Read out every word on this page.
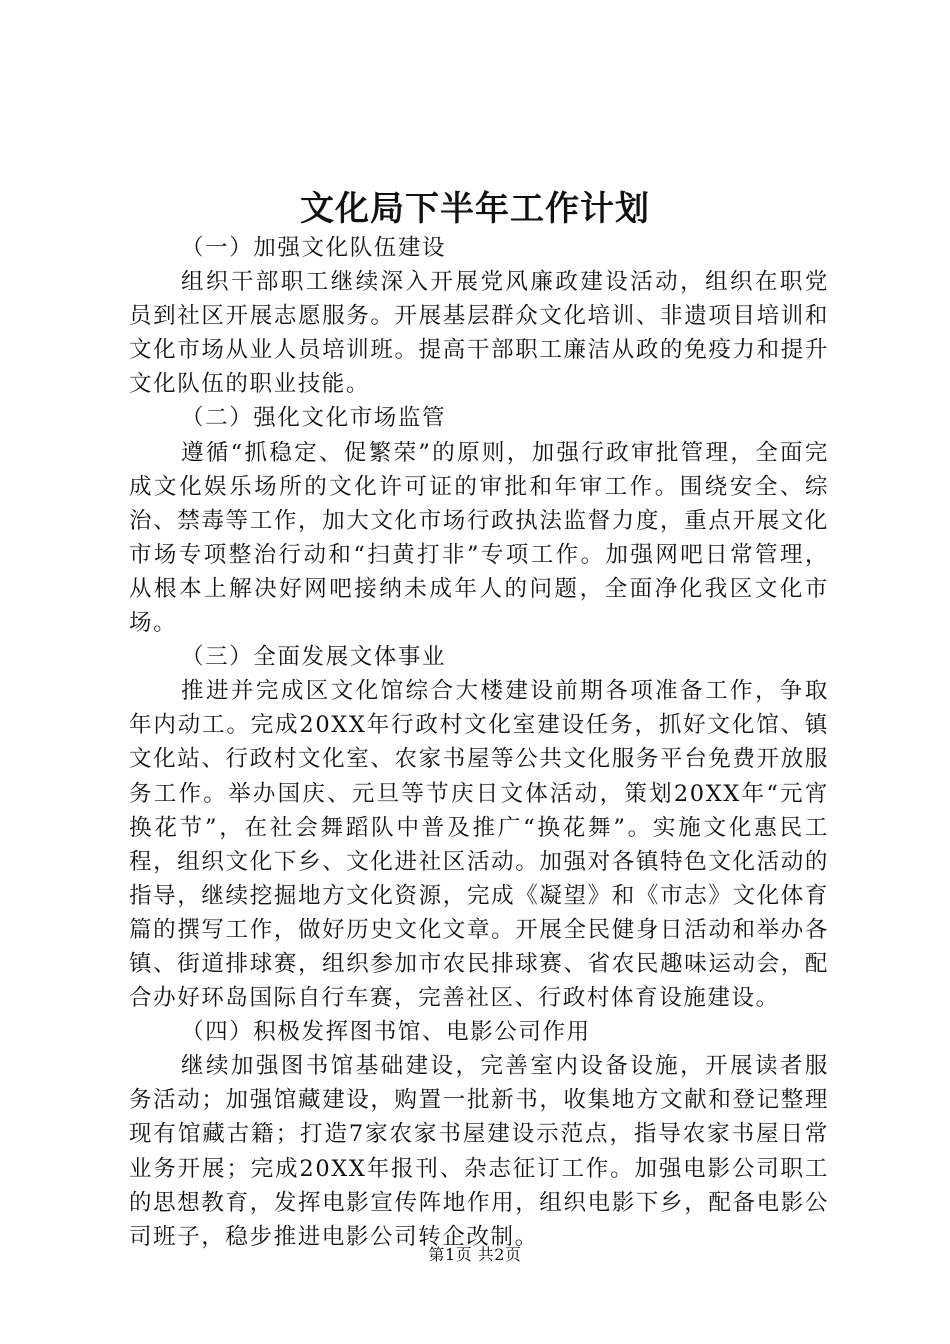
文化局下半年工作计划

（一）加强文化队伍建设

组织干部职工继续深入开展党风廉政建设活动，组织在职党员到社区开展志愿服务。开展基层群众文化培训、非遗项目培训和文化市场从业人员培训班。提高干部职工廉洁从政的免疫力和提升文化队伍的职业技能。

（二）强化文化市场监管

遵循“抓稳定、促繁荣”的原则，加强行政审批管理，全面完成文化娱乐场所的文化许可证的审批和年审工作。围绕安全、综治、禁毒等工作，加大文化市场行政执法监督力度，重点开展文化市场专项整治行动和“扫黄打非”专项工作。加强网吧日常管理，从根本上解决好网吧接纳未成年人的问题，全面净化我区文化市场。

（三）全面发展文体事业

推进并完成区文化馆综合大楼建设前期各项准备工作，争取年内动工。完成20XX年行政村文化室建设任务，抓好文化馆、镇文化站、行政村文化室、农家书屋等公共文化服务平台免费开放服务工作。举办国庆、元旦等节庆日文体活动，策划20XX年“元宵换花节”，在社会舞蹈队中普及推广“换花舞”。实施文化惠民工程，组织文化下乡、文化进社区活动。加强对各镇特色文化活动的指导，继续挖掘地方文化资源，完成《凝望》和《市志》文化体育篇的撰写工作，做好历史文化文章。开展全民健身日活动和举办各镇、街道排球赛，组织参加市农民排球赛、省农民趣味运动会，配合办好环岛国际自行车赛，完善社区、行政村体育设施建设。

（四）积极发挥图书馆、电影公司作用

继续加强图书馆基础建设，完善室内设备设施，开展读者服务活动；加强馆藏建设，购置一批新书，收集地方文献和登记整理现有馆藏古籍；打造7家农家书屋建设示范点，指导农家书屋日常业务开展；完成20XX年报刊、杂志征订工作。加强电影公司职工的思想教育，发挥电影宣传阵地作用，组织电影下乡，配备电影公司班子，稳步推进电影公司转企改制。

第1页 共2页
